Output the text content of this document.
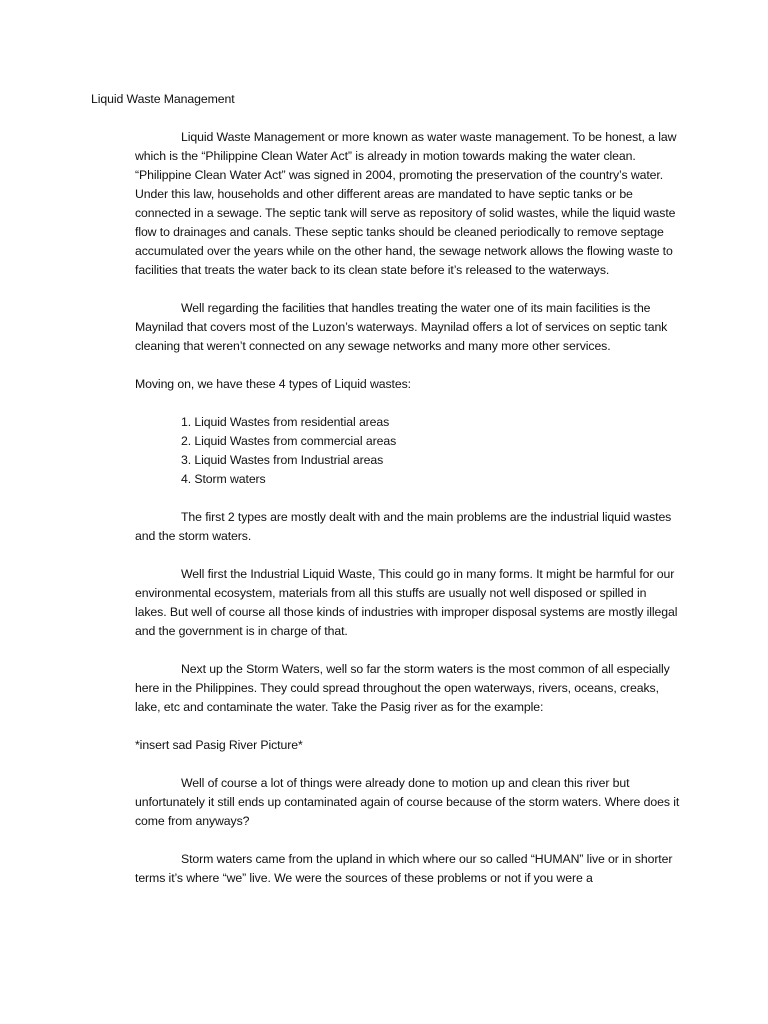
Liquid Waste Management

Liquid Waste Management or more known as water waste management. To be honest, a law which is the “Philippine Clean Water Act” is already in motion towards making the water clean. “Philippine Clean Water Act” was signed in 2004, promoting the preservation of the country’s water. Under this law, households and other different areas are mandated to have septic tanks or be connected in a sewage. The septic tank will serve as repository of solid wastes, while the liquid waste flow to drainages and canals. These septic tanks should be cleaned periodically to remove septage accumulated over the years while on the other hand, the sewage network allows the flowing waste to facilities that treats the water back to its clean state before it’s released to the waterways.

Well regarding the facilities that handles treating the water one of its main facilities is the Maynilad that covers most of the Luzon’s waterways. Maynilad offers a lot of services on septic tank cleaning that weren’t connected on any sewage networks and many more other services.

Moving on, we have these 4 types of Liquid wastes:

1. Liquid Wastes from residential areas
2. Liquid Wastes from commercial areas
3. Liquid Wastes from Industrial areas
4. Storm waters

The first 2 types are mostly dealt with and the main problems are the industrial liquid wastes and the storm waters.

Well first the Industrial Liquid Waste, This could go in many forms. It might be harmful for our environmental ecosystem, materials from all this stuffs are usually not well disposed or spilled in lakes. But well of course all those kinds of industries with improper disposal systems are mostly illegal and the government is in charge of that.

Next up the Storm Waters, well so far the storm waters is the most common of all especially here in the Philippines. They could spread throughout the open waterways, rivers, oceans, creaks, lake, etc and contaminate the water. Take the Pasig river as for the example:

*insert sad Pasig River Picture*

Well of course a lot of things were already done to motion up and clean this river but unfortunately it still ends up contaminated again of course because of the storm waters. Where does it come from anyways?

Storm waters came from the upland in which where our so called “HUMAN” live or in shorter terms it’s where “we” live. We were the sources of these problems or not if you were a
